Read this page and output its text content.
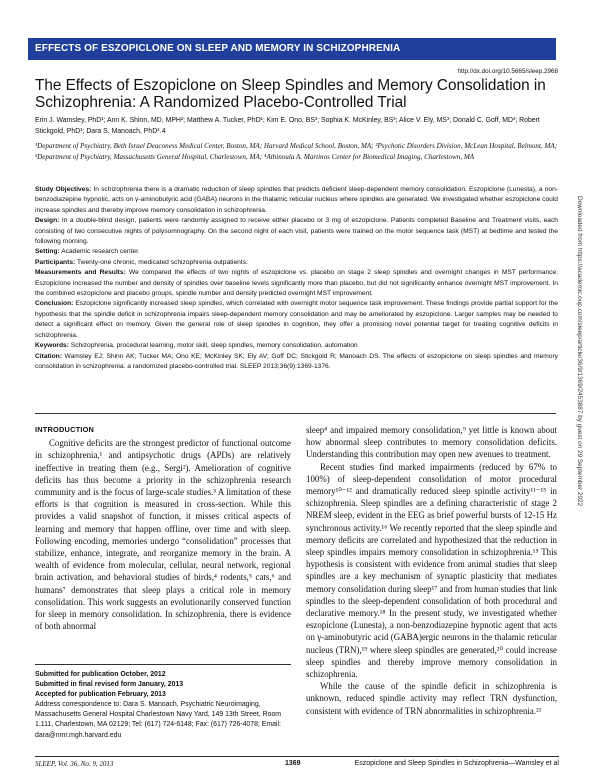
EFFECTS OF ESZOPICLONE ON SLEEP AND MEMORY IN SCHIZOPHRENIA
http://dx.doi.org/10.5665/sleep.2968
The Effects of Eszopiclone on Sleep Spindles and Memory Consolidation in Schizophrenia: A Randomized Placebo-Controlled Trial
Erin J. Wamsley, PhD¹; Ann K. Shinn, MD, MPH²; Matthew A. Tucker, PhD¹; Kim E. Ono, BS³; Sophia K. McKinley, BS³; Alice V. Ely, MS³; Donald C. Goff, MD³; Robert Stickgold, PhD¹; Dara S. Manoach, PhD³˒4
¹Department of Psychiatry, Beth Israel Deaconess Medical Center, Boston, MA; Harvard Medical School, Boston, MA; ²Psychotic Disorders Division, McLean Hospital, Belmont, MA; ³Department of Psychiatry, Massachusetts General Hospital, Charlestown, MA; ⁴Athinoula A. Martinos Center for Biomedical Imaging, Charlestown, MA

Study Objectives: In schizophrenia there is a dramatic reduction of sleep spindles that predicts deficient sleep-dependent memory consolidation. Eszopiclone (Lunesta), a non-benzodiazepine hypnotic, acts on γ-aminobutyric acid (GABA) neurons in the thalamic reticular nucleus where spindles are generated. We investigated whether eszopiclone could increase spindles and thereby improve memory consolidation in schizophrenia.

Design: In a double-blind design, patients were randomly assigned to receive either placebo or 3 mg of eszopiclone. Patients completed Baseline and Treatment visits, each consisting of two consecutive nights of polysomnography. On the second night of each visit, patients were trained on the motor sequence task (MST) at bedtime and tested the following morning.

Setting: Academic research center.

Participants: Twenty-one chronic, medicated schizophrenia outpatients.

Measurements and Results: We compared the effects of two nights of eszopiclone vs. placebo on stage 2 sleep spindles and overnight changes in MST performance. Eszopiclone increased the number and density of spindles over baseline levels significantly more than placebo, but did not significantly enhance overnight MST improvement. In the combined eszopiclone and placebo groups, spindle number and density predicted overnight MST improvement.

Conclusion: Eszopiclone significantly increased sleep spindles, which correlated with overnight motor sequence task improvement. These findings provide partial support for the hypothesis that the spindle deficit in schizophrenia impairs sleep-dependent memory consolidation and may be ameliorated by eszopiclone. Larger samples may be needed to detect a significant effect on memory. Given the general role of sleep spindles in cognition, they offer a promising novel potential target for treating cognitive deficits in schizophrenia.

Keywords: Schizophrenia, procedural learning, motor skill, sleep spindles, memory consolidation, automation

Citation: Wamsley EJ; Shinn AK; Tucker MA; Ono KE; McKinley SK; Ely AV; Goff DC; Stickgold R; Manoach DS. The effects of eszopiclone on sleep spindles and memory consolidation in schizophrenia: a randomized placebo-controlled trial. SLEEP 2013;36(9):1369-1376.

INTRODUCTION

Cognitive deficits are the strongest predictor of functional outcome in schizophrenia,¹ and antipsychotic drugs (APDs) are relatively ineffective in treating them (e.g., Sergi²). Amelioration of cognitive deficits has thus become a priority in the schizophrenia research community and is the focus of large-scale studies.³ A limitation of these efforts is that cognition is measured in cross-section. While this provides a valid snapshot of function, it misses critical aspects of learning and memory that happen offline, over time and with sleep. Following encoding, memories undergo “consolidation” processes that stabilize, enhance, integrate, and reorganize memory in the brain. A wealth of evidence from molecular, cellular, neural network, regional brain activation, and behavioral studies of birds,⁴ rodents,⁵ cats,⁶ and humans⁷ demonstrates that sleep plays a critical role in memory consolidation. This work suggests an evolutionarily conserved function for sleep in memory consolidation. In schizophrenia, there is evidence of both abnormal

sleep⁸ and impaired memory consolidation,⁹ yet little is known about how abnormal sleep contributes to memory consolidation deficits. Understanding this contribution may open new avenues to treatment.

Recent studies find marked impairments (reduced by 67% to 100%) of sleep-dependent consolidation of motor procedural memory¹⁰⁻¹² and dramatically reduced sleep spindle activity¹¹⁻¹⁵ in schizophrenia. Sleep spindles are a defining characteristic of stage 2 NREM sleep, evident in the EEG as brief powerful bursts of 12-15 Hz synchronous activity.¹⁶ We recently reported that the sleep spindle and memory deficits are correlated and hypothesized that the reduction in sleep spindles impairs memory consolidation in schizophrenia.¹⁵ This hypothesis is consistent with evidence from animal studies that sleep spindles are a key mechanism of synaptic plasticity that mediates memory consolidation during sleep¹⁷ and from human studies that link spindles to the sleep-dependent consolidation of both procedural and declarative memory.¹⁸ In the present study, we investigated whether eszopiclone (Lunesta), a non-benzodiazepine hypnotic agent that acts on γ-aminobutyric acid (GABA)ergic neurons in the thalamic reticular nucleus (TRN),¹⁹ where sleep spindles are generated,²⁰ could increase sleep spindles and thereby improve memory consolidation in schizophrenia.

While the cause of the spindle deficit in schizophrenia is unknown, reduced spindle activity may reflect TRN dysfunction, consistent with evidence of TRN abnormalities in schizophrenia.²¹

Submitted for publication October, 2012
Submitted in final revised form January, 2013
Accepted for publication February, 2013
Address correspondence to: Dara S. Manoach, Psychiatric Neuroimaging, Massachusetts General Hospital Charlestown Navy Yard, 149 13th Street, Room 1.111, Charlestown, MA 02129; Tel: (617) 724-6148; Fax: (617) 726-4078; Email: dara@nmr.mgh.harvard.edu
SLEEP, Vol. 36, No. 9, 2013	1369	Eszopiclone and Sleep Spindles in Schizophrenia—Wamsley et al
Downloaded from https://academic.oup.com/sleep/article/36/9/1369/2453887 by guest on 29 September 2022
